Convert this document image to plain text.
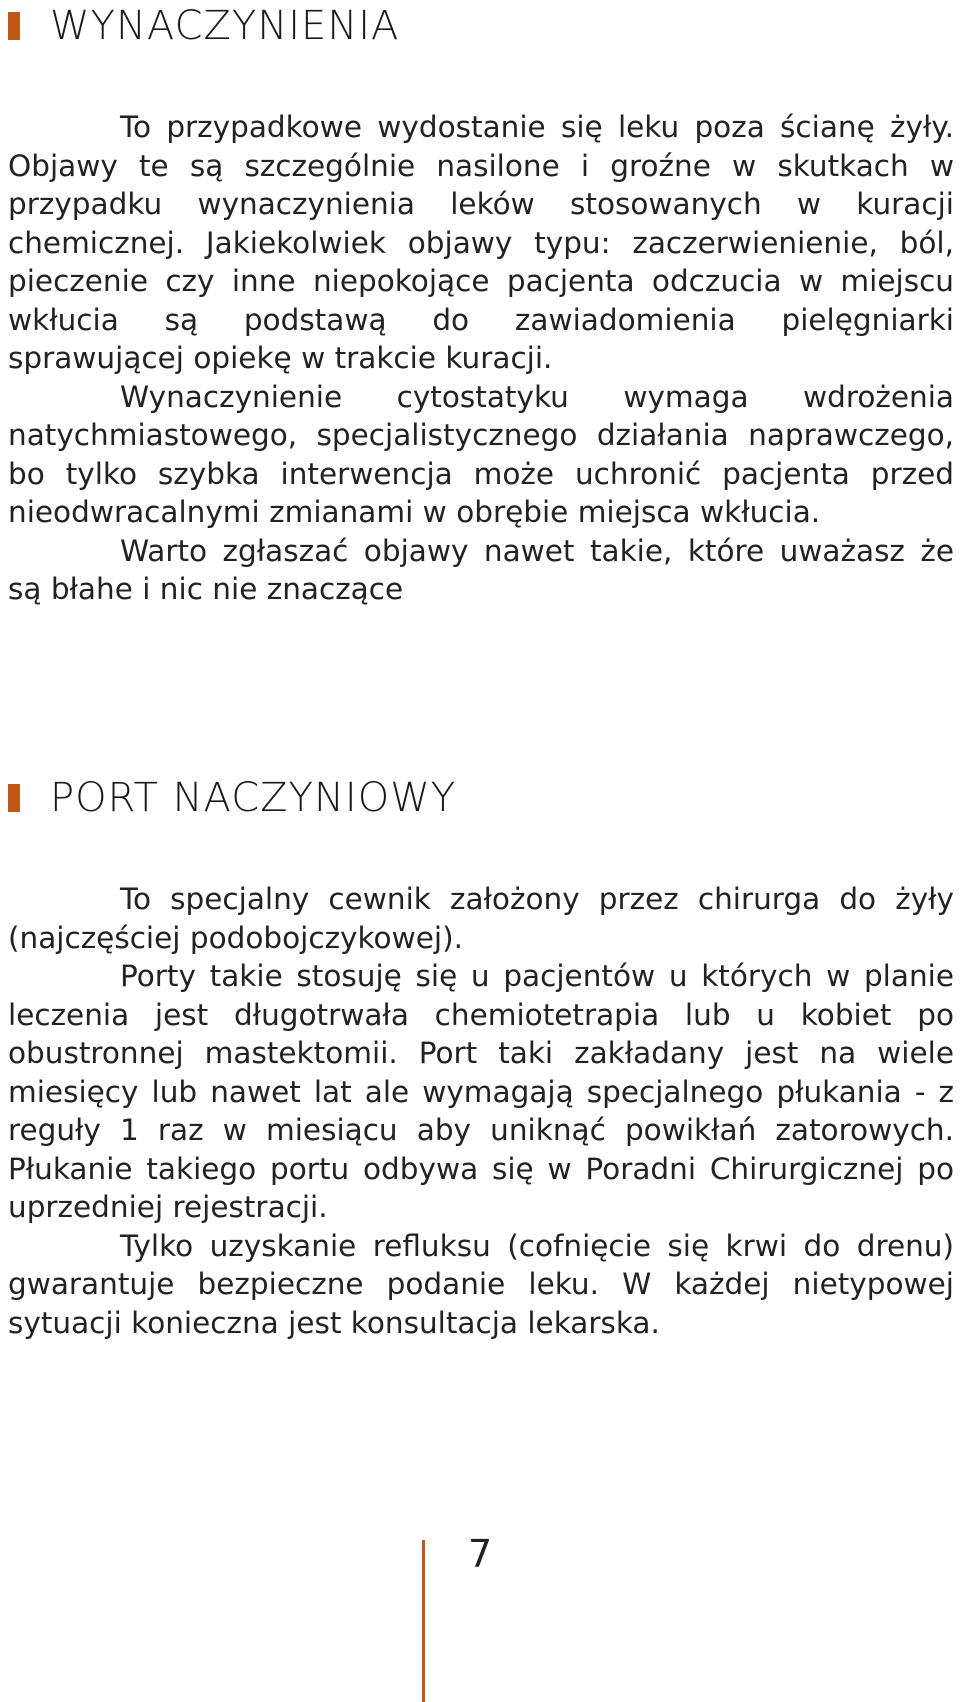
WYNACZYNIENIA

To przypadkowe wydostanie się leku poza ścianę żyły. Objawy te są szczególnie nasilone i groźne w skutkach w przypadku wynaczynienia leków stosowanych w kuracji chemicznej. Jakiekolwiek objawy typu: zaczerwienienie, ból, pieczenie czy inne niepokojące pacjenta odczucia w miejscu wkłucia są podstawą do zawiadomienia pielęgniarki sprawującej opiekę w trakcie kuracji.

Wynaczynienie cytostatyku wymaga wdrożenia natychmiastowego, specjalistycznego działania naprawczego, bo tylko szybka interwencja może uchronić pacjenta przed nieodwracalnymi zmianami w obrębie miejsca wkłucia.

Warto zgłaszać objawy nawet takie, które uważasz że są błahe i nic nie znaczące

PORT NACZYNIOWY

To specjalny cewnik założony przez chirurga do żyły (najczęściej podobojczykowej).

Porty takie stosuję się u pacjentów u których w planie leczenia jest długotrwała chemiotetrapia lub u kobiet po obustronnej mastektomii. Port taki zakładany jest na wiele miesięcy lub nawet lat ale wymagają specjalnego płukania - z reguły 1 raz w miesiącu aby uniknąć powikłań zatorowych. Płukanie takiego portu odbywa się w Poradni Chirurgicznej po uprzedniej rejestracji.

Tylko uzyskanie refluksu (cofnięcie się krwi do drenu) gwarantuje bezpieczne podanie leku. W każdej nietypowej sytuacji konieczna jest konsultacja lekarska.

7
